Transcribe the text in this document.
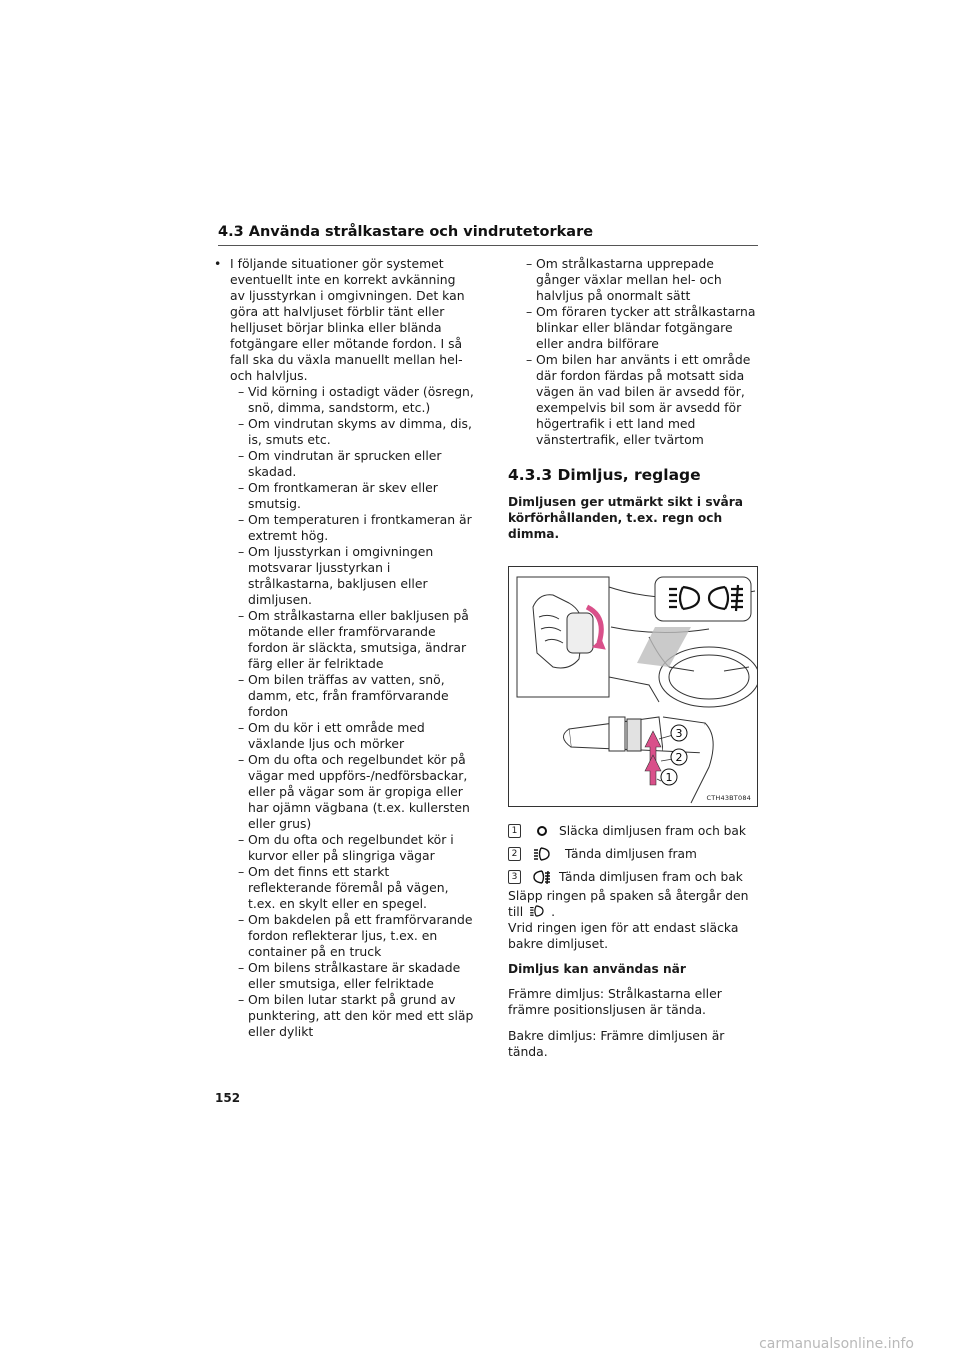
4.3 Använda strålkastare och vindrutetorkare
• I följande situationer gör systemet eventuellt inte en korrekt avkänning av ljusstyrkan i omgivningen. Det kan göra att halvljuset förblir tänt eller helljuset börjar blinka eller blända fotgängare eller mötande fordon. I så fall ska du växla manuellt mellan hel- och halvljus.
– Vid körning i ostadigt väder (ösregn, snö, dimma, sandstorm, etc.)
– Om vindrutan skyms av dimma, dis, is, smuts etc.
– Om vindrutan är sprucken eller skadad.
– Om frontkameran är skev eller smutsig.
– Om temperaturen i frontkameran är extremt hög.
– Om ljusstyrkan i omgivningen motsvarar ljusstyrkan i strålkastarna, bakljusen eller dimljusen.
– Om strålkastarna eller bakljusen på mötande eller framförvarande fordon är släckta, smutsiga, ändrar färg eller är felriktade
– Om bilen träffas av vatten, snö, damm, etc, från framförvarande fordon
– Om du kör i ett område med växlande ljus och mörker
– Om du ofta och regelbundet kör på vägar med uppförs-/nedförsbackar, eller på vägar som är gropiga eller har ojämn vägbana (t.ex. kullersten eller grus)
– Om du ofta och regelbundet kör i kurvor eller på slingriga vägar
– Om det finns ett starkt reflekterande föremål på vägen, t.ex. en skylt eller en spegel.
– Om bakdelen på ett framförvarande fordon reflekterar ljus, t.ex. en container på en truck
– Om bilens strålkastare är skadade eller smutsiga, eller felriktade
– Om bilen lutar starkt på grund av punktering, att den kör med ett släp eller dylikt
– Om strålkastarna upprepade gånger växlar mellan hel- och halvljus på onormalt sätt
– Om föraren tycker att strålkastarna blinkar eller bländar fotgängare eller andra bilförare
– Om bilen har använts i ett område där fordon färdas på motsatt sida vägen än vad bilen är avsedd för, exempelvis bil som är avsedd för högertrafik i ett land med vänstertrafik, eller tvärtom
4.3.3 Dimljus, reglage
Dimljusen ger utmärkt sikt i svåra körförhållanden, t.ex. regn och dimma.
3
2
1
CTH43BT084
1	Släcka dimljusen fram och bak
2	Tända dimljusen fram
3	Tända dimljusen fram och bak
Släpp ringen på spaken så återgår den
till .
Vrid ringen igen för att endast släcka bakre dimljuset.
Dimljus kan användas när
Främre dimljus: Strålkastarna eller främre positionsljusen är tända.
Bakre dimljus: Främre dimljusen är tända.
152
carmanualsonline.info
